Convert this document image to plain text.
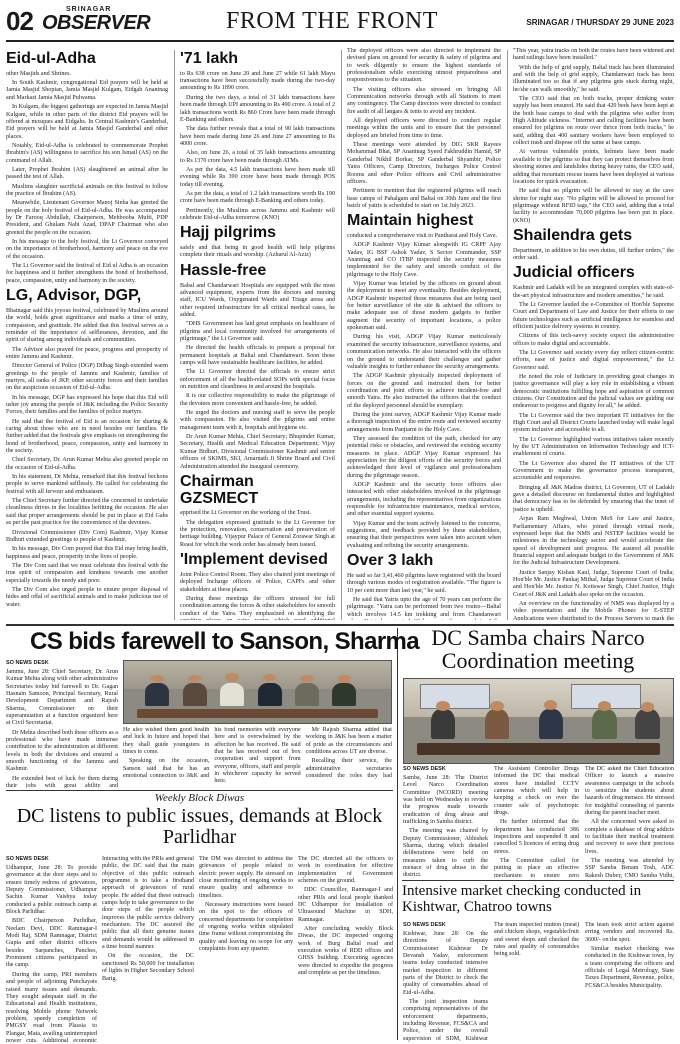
02	SRINAGAR
OBSERVER	FROM THE FRONT	SRINAGAR / THURSDAY 29 JUNE 2023
Eid-ul-Adha

other Masjids and Shrines.

In South Kashmir, congregational Eid prayers will be held at Jamia Masjid Shopian, Jamia Masjid Kulgam, Eidgah Anantnag and Markazi Jamia Masjid Pulwama.

In Kulgam, the biggest gatherings are expected in Jamia Masjid Kulgam, while in other parts of the district Eid prayers will be offered at mosques and Eidgahs. In Central Kashmir's Ganderbal, Eid prayers will be held at Jamia Masjid Ganderbal and other places.

Notably, Eid-ul-Adha is celebrated to commemorate Prophet Ibrahim's (AS) willingness to sacrifice his son Ismail (AS) on the command of Allah.

Later, Prophet Ibrahim (AS) slaughtered an animal after he passed the test of Allah.

Muslims slaughter sacrificial animals on this festival to follow the practice of Ibrahim (AS).

Meanwhile, Lieutenant Governor Manoj Sinha has greeted the people on the holy festival of Eid-ul-Adha. He was accompanied by Dr Farooq Abdullah, Chairperson, Mehbooba Mufti, PDP President, and Ghulam Nabi Azad, DPAP Chairman who also greeted the people on the occasion.

In his message to the holy festival, the Lt Governor conveyed on the importance of brotherhood, harmony and peace on the eve of the occasion.

The Lt Governor said the festival of Eid ul Adha is an occasion for happiness and it further strengthens the bond of brotherhood, peace, compassion, unity and harmony in the society.

LG, Advisor, DGP,

Bhatnagar said this joyous festival, celebrated by Muslims around the world, holds great significance and marks a time of unity, compassion, and gratitude. He added that this festival serves as a reminder of the importance of selflessness, devotion, and the spirit of sharing among individuals and communities.

The Advisor also prayed for peace, progress and prosperity of entire Jammu and Kashmir.

Director General of Police (DGP) Dilbag Singh extended warm greetings to the people of Jammu and Kashmir, families of martyrs, all ranks of JKP, other security forces and their families on the auspicious occasion of Eid-ul-Adha.

In his message, DGP has expressed his hope that this Eid will usher joy among the people of J&K including the Police Security Forces, their families and the families of police martyrs.

He said that the festival of Eid is an occasion for sharing & caring about those who are in need besides our families. He further added that the festivals give emphasis on strengthening the bond of brotherhood, peace, compassion, unity and harmony in the society.

Chief Secretary, Dr. Arun Kumar Mehta also greeted people on the occasion of Eid-ul-Adha.

In his statement, Dr Mehta, remarked that this festival beckons people to serve mankind selflessly. He called for celebrating the festival with all fervour and enthusiasm.

The Chief Secretary further directed the concerned to undertake cleanliness drives in the localities befitting the occasion. He also said that proper arrangements should be put in place at Eid Gahs as per the past practice for the convenience of the devotees.

Divisional Commissioner (Div Com) Kashmir, Vijay Kumar Bidhuri extended greetings to people of Kashmir.

In his message, Div Com prayed that this Eid may bring health, happiness and peace, prosperity in the lives of people.

The Div Com said that we must celebrate this festival with the true spirit of compassion and kindness towards one another especially towards the needy and poor.

The Div Com also urged people to ensure proper disposal of hides and offal of sacrificial animals and to make judicious use of water.

'71 lakh

to Rs 638 crore on June 20 and June 27 while 61 lakh Mayu transactions have been successfully made during the two-day amounting to Rs 1890 crore.

During the two days, a total of 31 lakh transactions have been made through UPI amounting to Rs 490 crore. A total of 2 lakh transactions worth Rs 860 Crore have been made through E-Banking and others.

The data further reveals that a total of 90 lakh transactions have been made during June 26 and June 27 amounting to Rs 4000 crore.

Also, on June 26, a total of 35 lakh transactions amounting to Rs 1370 crore have been made through ATMs.

As per the data, 4.5 lakh transactions have been made till evening while Rs 390 crore have been made through POS today till evening.

As per the data, a total of 1.2 lakh transactions worth Rs 190 crore have been made through E-Banking and others today.

Pertinently, the Muslims across Jammu and Kashmir will celebrate Eid-ul-Adha tomorrow. (KNO)

Hajj pilgrims

safely and that being in good health will help pilgrims complete their rituals and worship. (Azharul Al-Aziz)

Hassle-free

Babal and Chandarwari Hospitals are equipped with the most advanced equipment, experts from the doctors and nursing staff, ICU Wards, Oxygenated Wards and Triage areas and other required infrastructure for all critical medical cases, he added.

"DHS Government has laid great emphasis on healthcare of pilgrims and local community involved for arrangements of pilgrimage," the Lt Governor said.

He directed the health officials to prepare a proposal for permanent hospitals at Baltal and Chandanwari. Soon those camps will have sustainable healthcare facilities, he added.

The Lt Governor directed the officials to ensure strict enforcement of all the health-related SOPs with special focus on nutrition and cleanliness in and around the hospitals.

It is our collective responsibility to make the pilgrimage of the devotees more convenient and hassle-free, he added.

He urged the doctors and nursing staff to serve the people with compassion. He also visited the pilgrims and entire management team with it, hospitals and hygiene etc.

Dr Arun Kumar Mehta, Chief Secretary; Bhupinder Kumar, Secretary, Health and Medical Education Department; Vijay Kumar Bidhuri, Divisional Commissioner Kashmir and senior officers of SKIMS, SKI, Amarnath Ji Shrine Board and Civil Administration attended the inaugural ceremony.

Chairman GZSMECT

apprised the Lt Governor on the working of the Trust.

The delegation expressed gratitude to the Lt Governor for the protection, renovation, conservation and preservation of heritage building. Vijaypur Palace of General Zorawar Singh at Reasi for which the work order has already been issued.

'Implement devised

Joint Police Control Room. They also chaired joint meetings of deployed Incharge officers of Police, CAPFs and other stakeholders at these places.

During these meetings the officers stressed for full coordination among the forces & other stakeholders for smooth conduct of the Yatra. They emphasized on identifying the

The deployed officers were also directed to implement the devised plans on ground for security & safety of pilgrims and to work diligently to ensure the highest standards of professionalism while exercising utmost preparedness and responsiveness to the situation.

The visiting officers also stressed on bringing All Communication networks through with all Stations to meet any contingency. The Camp directors were directed to conduct fire audit of all langars & tents to avoid any incident.

All deployed officers were directed to conduct regular meetings within the units and to ensure that the personnel deployed are briefed from time to time.

These meetings were attended by DIG SKR Rayees Mohammad Bhat, SP Anantnag Syeed Fakhruddin Hamid, SP Ganderbal Nikhil Borkar, SP Ganderbal Shyambir, Police Yatra Officers, Camp Directors, Incharges Police Control Rooms and other Police officers and Civil administrative officers.

Pertinent to mention that the registered pilgrims will reach base camps of Pahalgam and Baltal on 30th June and the first batch of yatris is scheduled to start on 1st July 2023.

Maintain highest

conducted a comprehensive visit to Pantharat and Holy Cave.

ADGP Kashmir Vijay Kumar alongwith IG CRPF Ajay Yadav, IG BSF Ashok Yadav, S Sector Commander, SSP Anantnag and CO ITBP inspected the security measures implemented for the safety and smooth conduct of the pilgrimage to the Holy Cave.

Vijay Kumar was briefed by the officers on ground about the deployment to meet any eventuality. Besides deployment, ADGP Kashmir inspected those measures that are being used for better surveillance of the site & advised the officers to make adequate use of those modern gadgets to further augment the security of important locations, a police spokesman said.

During his visit, ADGP Vijay Kumar meticulously examined the security infrastructure, surveillance systems, and communication networks. He also interacted with the officers on the ground to understand their challenges and gather valuable insights to further enhance the security arrangements.

The ADGP Kashmir physically inspected deployment of forces on the ground and instructed them for better coordination and joint efforts to achieve incident-free and smooth Yatra. He also instructed the officers that the conduct of the deployed personnel should be exemplary.

During the joint survey, ADGP Kashmir Vijay Kumar made a thorough inspection of the entire route and reviewed security arrangements from Panjtarni to the Holy Cave.

They assessed the condition of the path, checked for any potential risks or obstacles, and reviewed the existing security measures in place. ADGP Vijay Kumar expressed his appreciation for the diligent efforts of the security forces and acknowledged their level of vigilance and professionalism during the pilgrimage season.

ADGP Kashmir and the security force officers also interacted with other stakeholders involved in the pilgrimage arrangements, including the representatives from organizations responsible for infrastructure maintenance, medical services, and other essential support systems.

Vijay Kumar and the team actively listened to the concerns, suggestions, and feedback provided by these stakeholders, ensuring that their perspectives were taken into account when evaluating and refining the security arrangements.

Over 3 lakh

He said so far 3,41,460 pilgrims have registered with the board through various modes of registration available. "The figure is 10 per cent more than last year," he said.

He said that Yatris upto the age of 70 years can perform the pilgrimage. "Yatra can be performed from two routes—Baltal which involves 14.5 km trekking and from Chandanwari

"This year, yatra tracks on both the routes have been widened and hand railings have been installed."

With the help of grid supply, Baltal track has been illuminated and with the help of grid supply, Chandanwari track has been illuminated too so that if any pilgrims gets stuck during night, he/she can walk smoothly," he said.

The CEO said that on both tracks, proper drinking water supply has been ensured. He said that 420 beds have been kept at the both base camps to deal with the pilgrims who suffer from High Altitude sickness. "Internet and calling facilities have been ensured for pilgrims on route over thrice from both tracks," he said, adding that 400 sanitary workers have been employed to collect trash and dispose off the same at base camps.

At various vulnerable points, helmets have been made available to the pilgrims so that they can protect themselves from shooting stones and landslides during heavy rains, the CEO said, adding that mountain rescue teams have been deployed at various locations for quick evacuation.

He said that no pilgrim will be allowed to stay at the cave shrine for night stay. "No pilgrim will be allowed to proceed for pilgrimage without RFID tags," the CEO said, adding that a total facility to accommodate 70,000 pilgrims has been put in place. (KNO)

Shailendra gets

Department, in addition to his own duties, till further orders," the order said.

Judicial officers

Kashmir and Ladakh will be an integrated complex with state-of-the-art physical infrastructure and modern amenities," he said.

The Lt Governor lauded the e-Committee of Hon'ble Supreme Court and Department of Law and Justice for their efforts to use future technologies such as artificial intelligence for seamless and efficient justice delivery systems in country.

Citizens of this tech-savvy society expect the administrative offices to make digital and accountable.

The Lt Governor said society every day reflect citizen-centric efforts, ease of justice and digital empowerment," the Lt Governor said.

He noted the role of Judiciary in providing great changes in justice governance will play a key role in establishing a vibrant democratic institutions fulfilling hope and aspiration of common citizens. Our Constitution and the judicial values are guiding our endeavour to progress and dignity for all," he added.

The Lt Governor said the two important IT initiatives for the High Court and all District Courts launched today will make legal system inclusive and accessible to all.

The Lt Governor highlighted various initiatives taken recently by the UT Administration on Information Technology and ICT-enablement of courts.

The Lt Governor also shared the IT initiatives of the UT Government to make the governance process transparent, accountable and responsive.

Bringing all J&K Madras district, Lt Governor, UT of Ladakh gave a detailed discourse on fundamental duties and highlighted that democracy has to be defended by ensuring that the tenet of justice is upheld.

Arjun Ram Meghwal, Union MoS for Law and Justice, Parliamentary Affairs, who joined through virtual mode, expressed hope that the NMS and NSTEP facilities would be milestones in the technology sector and would accelerate the speed of development and progress. He assured all possible financial support and adequate budget to the Government of J&K for the Judicial Infrastructure Development.

Justice Sanjay Kishan Kaul, Judge, Supreme Court of India; Hon'ble Mr. Justice Pankaj Mithal, Judge Supreme Court of India and Hon'ble Mr. Justice N. Kotiswar Singh, Chief Justice, High Court of J&K and Ladakh also spoke on the occasion.

An overview on the functionality of NMS was displayed by a video presentation and the Mobile Phones for E-STEP Applications were distributed to the Process Servers to mark the

CS bids farewell to Sanson, Sharma
SO NEWS DESK

Jammu, June 28: Chief Secretary, Dr. Arun Kumar Mehta along with other administrative Secretaries today bid farewell to Dr. Gagan Hasnain Samoon, Principal Secretary, Rural Development Department and Rajesh Sharma, Commissioner on their superannuation at a function organized here at Civil Secretariat.

Dr Mehta described both these officers as a professional who have made immense contribution to the administration at different levels in both the divisions and ensured a smooth functioning of the Jammu and Kashmir.

He extended best of luck for them during their jobs with great ability and

DC Samba chairs Narco Coordination meeting
SO NEWS DESK

Samba, June 28: The District Level Narco Coordination Committee (NCORD) meeting was held on Wednesday to review the progress made towards eradication of drug abuse and trafficking in Samba district.

The meeting was chaired by Deputy Commissioner, Abhishek Sharma, during which detailed deliberations were held on measures taken to curb the menace of drug abuse in the district.

The Assistant Controller Drugs informed the DC that medical stores have installed CCTV cameras which will help in keeping a check on over the counter sale of psychotropic drugs.

He further informed that the department has conducted 386 inspections and suspended 8 and cancelled 5 licences of erring drug stores.

The Committee called for putting in place an effective mechanism to ensure zero

The DC asked the Chief Education Officer to launch a massive awareness campaign in the schools to sensitize the students about hazards of drug menace. He stressed for insightful counseling of parents during the parent teacher meet.

All the concerned were asked to complete a database of drug addicts to facilitate their medical treatment and recovery to save their precious lives.

The meeting was attended by SSP Samba Benam Tosh, ADC Rakesh Dubey, CMO Samba Vidhi,

Weekly Block Diwas
DC listens to public issues, demands at Block Parlidhar
SO NEWS DESK

Udhampur, June 28: To provide governance at the door steps and to ensure timely redress of grievances, Deputy Commissioner, Udhampur Sachin Kumar Vaishya today conducted a public outreach camp at Block Parlidhar.

BDC Chairperson Parlidhar, Neelam Devi, DDC Ramnagar-I Modi Raj, SDM Ramnagar, District Gupta and other district officers besides Sarpanches, Panches, Prominent citizens participated in the camp.

During the camp, PRI members and people of adjoining Panchayats raised many issues and demands. They sought adequate staff in the Educational and Health institutions, resolving Mobile phone Network problem, speedy completion of PMGSY road from Plassia to Plangar, Mata, availing uninterrupted power cuts. Additional economic

Interacting with the PRIs and general public, the DC said that the main objective of this public outreach programme is to take a firsthand approach of grievances of rural people. He added that these outreach camps help to take governance to the door steps of the people which improves the public service delivery mechanism. The DC assured the public that all their genuine issues and demands would be addressed in a time bound manner.

On the occasion, the DC sanctioned Rs 50,000 for installation of lights in Higher Secondary School Barig.

The DM was directed to address the grievances of people related to electric power supply. He stressed on close monitoring of ongoing works to ensure quality and adherence to timelines.

Necessary instructions were issued on the spot to the officers of concerned departments for completion of ongoing works within stipulated time frame without compromising the quality and leaving no scope for any complaints from any quarter.

The DC directed all the officers to work in coordination for effective implementation of Government schemes on the ground.

DDC Councillor, Ramnagar-I and other PRIs and local people thanked DC Udhampur for installation of Ultrasound Machine in SDH, Ramnagar.

After concluding weekly Block Diwas, the DC inspected ongoing work of Burg Baltal road and execution works of RDD offices and GHSS building. Executing agencies were directed to expedite the progress and complete as per the timelines.

Intensive market checking conducted in Kishtwar, Chatroo towns
SO NEWS DESK

Kishtwar, June 28: On the directions of Deputy Commissioner Kishtwar Dr Devansh Yadav, enforcement teams today conducted intensive market inspection in different parts of the District to check the quality of consumables ahead of Eid-ul-Adha.

The joint inspection teams comprising representatives of the enforcement departments, including Revenue, FCS&CA and Police, under the overall supervision of SDM, Kishtwar

The team inspected mutton (meat) and chicken shops, vegetable/fruit and sweet shops and checked the rates and quality of consumables being sold.

The team took strict action against erring vendors and recovered Rs. 3600/- on the spot.

Similar market checking was conducted in the Kishtwar town, by a team comprising the officers and officials of Legal Metrology, State Taxes Department, Revenue, police, FCS&CA besides Municipality.

He also wished them good health and luck in future and hoped that they shall guide youngsters in times to come.

Speaking on the occasion, Sanson said that he has an emotional connection to J&K and his fond memories with everyone here and is overwhelmed by the affection he has received. He said that he has received out of box cooperation and support from everyone, officers, staff and people in whichever capacity he served here.

Mr Rajesh Sharma added that working in J&K has been a matter of pride as the circumstances and conditions across UT are diverse.

Recalling their service, the administrative secretaries considered the roles they had
